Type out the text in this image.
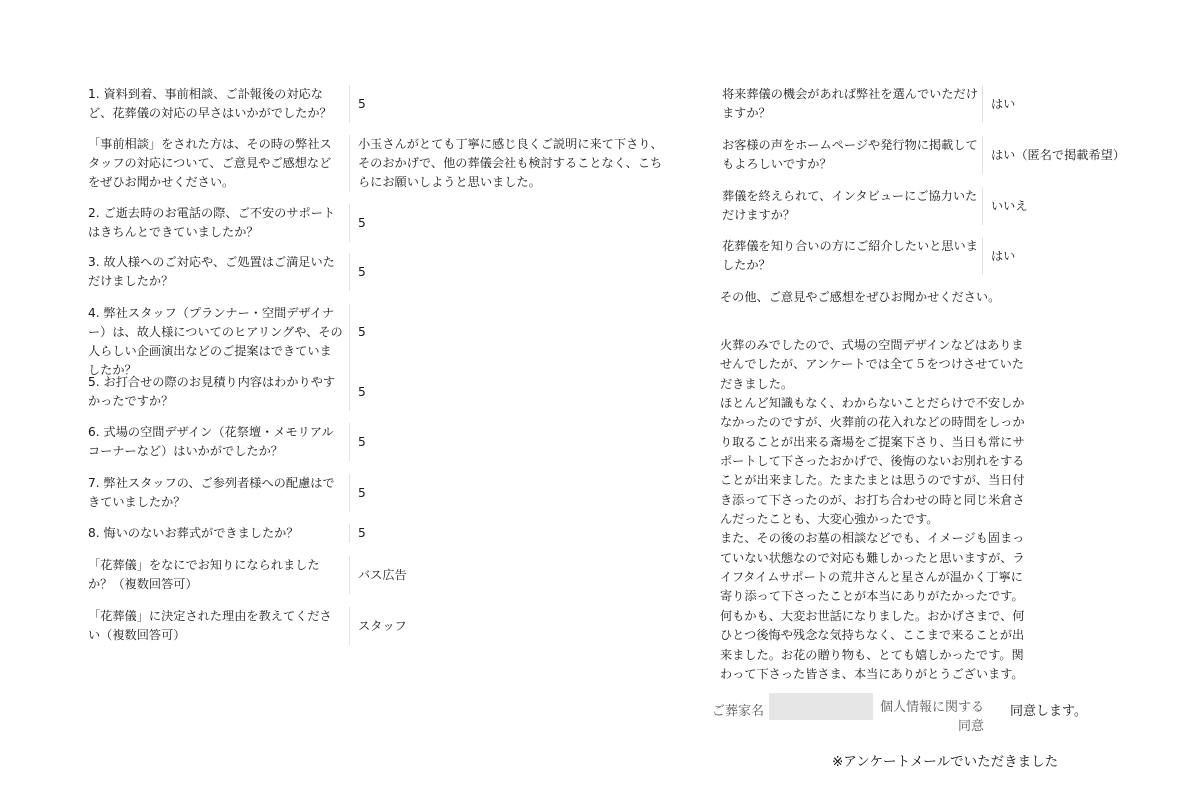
1. 資料到着、事前相談、ご訃報後の対応など、花葬儀の対応の早さはいかがでしたか？
5
「事前相談」をされた方は、その時の弊社スタッフの対応について、ご意見やご感想などをぜひお聞かせください。
小玉さんがとても丁寧に感じ良くご説明に来て下さり、そのおかげで、他の葬儀会社も検討することなく、こちらにお願いしようと思いました。
2. ご逝去時のお電話の際、ご不安のサポートはきちんとできていましたか？
5
3. 故人様へのご対応や、ご処置はご満足いただけましたか？
5
4. 弊社スタッフ（プランナー・空間デザイナー）は、故人様についてのヒアリングや、その人らしい企画演出などのご提案はできていましたか？
5
5. お打合せの際のお見積り内容はわかりやすかったですか？
5
6. 式場の空間デザイン（花祭壇・メモリアルコーナーなど）はいかがでしたか？
5
7. 弊社スタッフの、ご参列者様への配慮はできていましたか？
5
8. 悔いのないお葬式ができましたか？	5
「花葬儀」をなにでお知りになられましたか？（複数回答可）
バス広告
「花葬儀」に決定された理由を教えてください（複数回答可）
スタッフ
将来葬儀の機会があれば弊社を選んでいただけますか？
はい
お客様の声をホームページや発行物に掲載してもよろしいですか？
はい（匿名で掲載希望）
葬儀を終えられて、インタビューにご協力いただけますか？
いいえ
花葬儀を知り合いの方にご紹介したいと思いましたか？
はい
その他、ご意見やご感想をぜひお聞かせください。
火葬のみでしたので、式場の空間デザインなどはありませんでしたが、アンケートでは全て５をつけさせていただきました。
ほとんど知識もなく、わからないことだらけで不安しかなかったのですが、火葬前の花入れなどの時間をしっかり取ることが出来る斎場をご提案下さり、当日も常にサポートして下さったおかげで、後悔のないお別れをすることが出来ました。たまたまとは思うのですが、当日付き添って下さったのが、お打ち合わせの時と同じ米倉さんだったことも、大変心強かったです。
また、その後のお墓の相談などでも、イメージも固まっていない状態なので対応も難しかったと思いますが、ライフタイムサポートの荒井さんと星さんが温かく丁寧に寄り添って下さったことが本当にありがたかったです。
何もかも、大変お世話になりました。おかげさまで、何ひとつ後悔や残念な気持ちなく、ここまで来ることが出来ました。お花の贈り物も、とても嬉しかったです。関わって下さった皆さま、本当にありがとうございます。
ご葬家名	個人情報に関する同意
同意します。
※アンケートメールでいただきました
